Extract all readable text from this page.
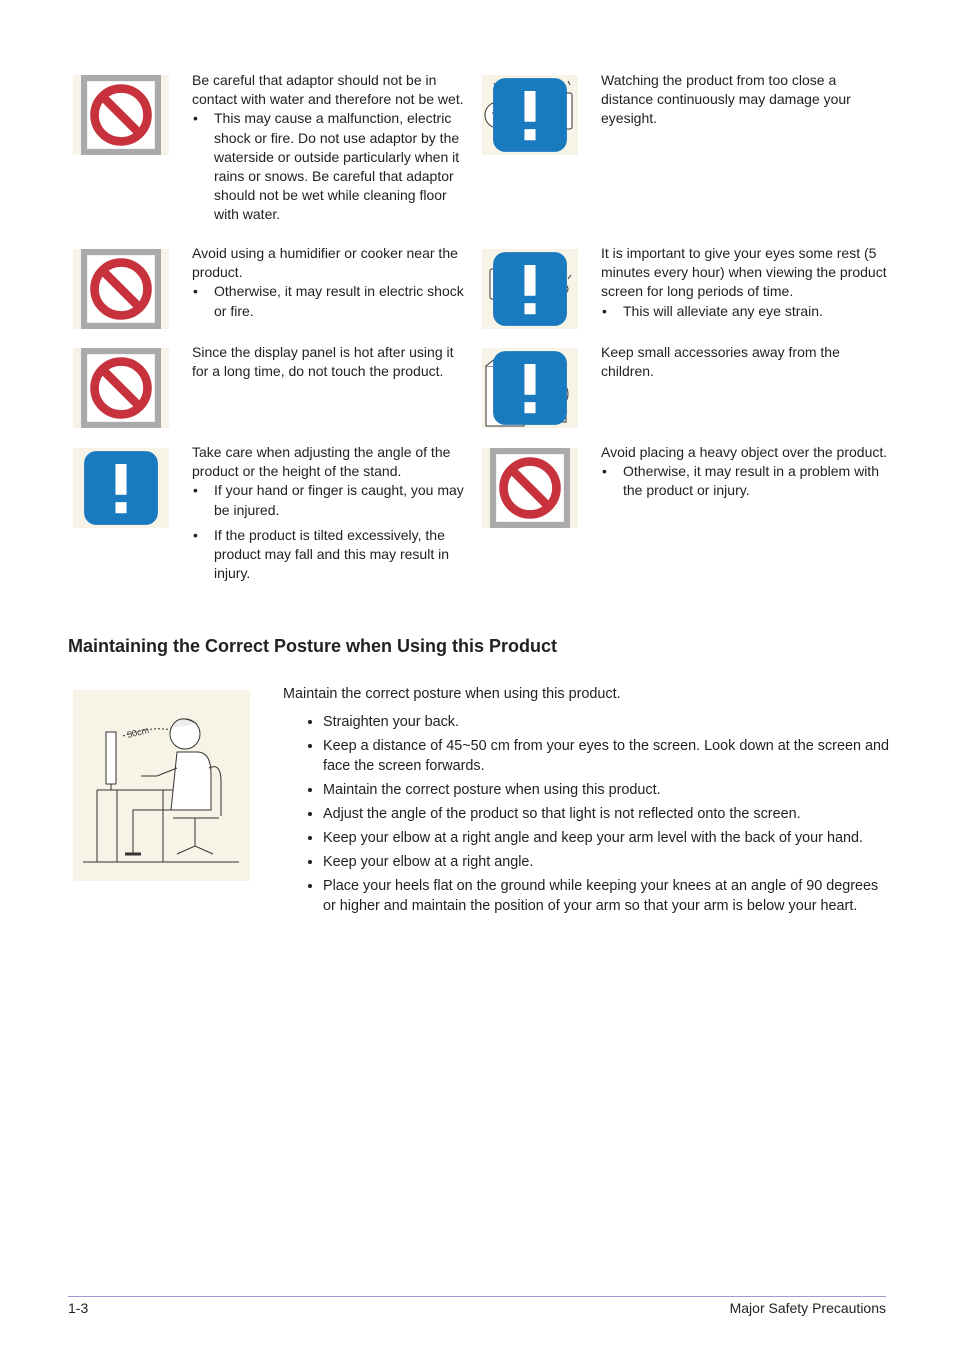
Be careful that adaptor should not be in contact with water and therefore not be wet.

• This may cause a malfunction, electric shock or fire. Do not use adaptor by the waterside or outside particularly when it rains or snows. Be careful that adaptor should not be wet while cleaning floor with water.

Watching the product from too close a distance continuously may damage your eyesight.

Avoid using a humidifier or cooker near the product.

• Otherwise, it may result in electric shock or fire.

It is important to give your eyes some rest (5 minutes every hour) when viewing the product screen for long periods of time.

• This will alleviate any eye strain.

Since the display panel is hot after using it for a long time, do not touch the product.

Keep small accessories away from the children.

Take care when adjusting the angle of the product or the height of the stand.

• If your hand or finger is caught, you may be injured.
• If the product is tilted excessively, the product may fall and this may result in injury.

Avoid placing a heavy object over the product.

• Otherwise, it may result in a problem with the product or injury.
Maintaining the Correct Posture when Using this Product
50cm

Maintain the correct posture when using this product.

• Straighten your back.
• Keep a distance of 45~50 cm from your eyes to the screen. Look down at the screen and face the screen forwards.
• Maintain the correct posture when using this product.
• Adjust the angle of the product so that light is not reflected onto the screen.
• Keep your elbow at a right angle and keep your arm level with the back of your hand.
• Keep your elbow at a right angle.
• Place your heels flat on the ground while keeping your knees at an angle of 90 degrees or higher and maintain the position of your arm so that your arm is below your heart.
1-3	Major Safety Precautions
